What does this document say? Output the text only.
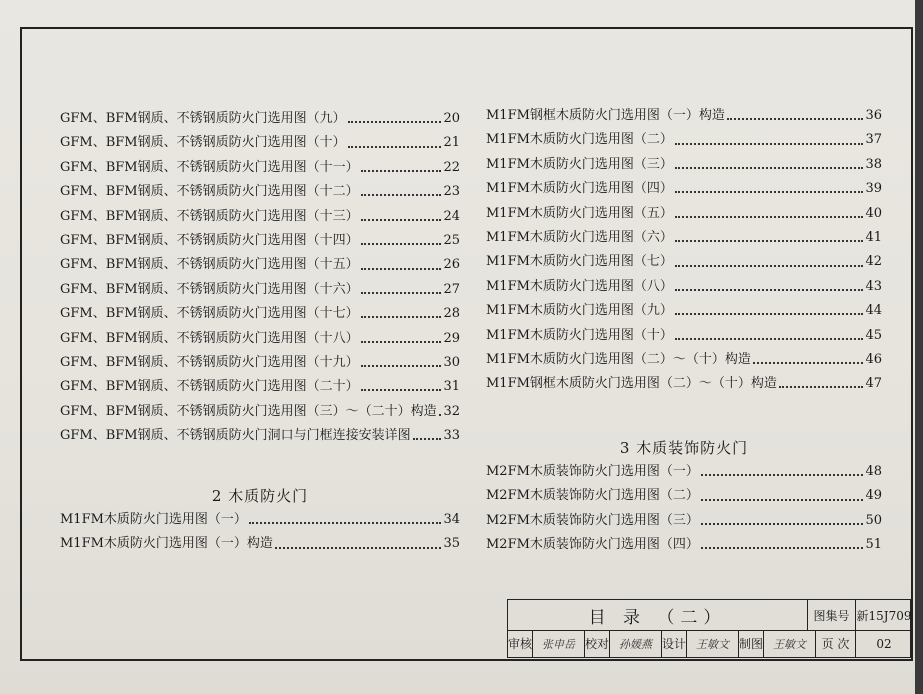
GFM、BFM钢质、不锈钢质防火门选用图（九）	20
GFM、BFM钢质、不锈钢质防火门选用图（十）	21
GFM、BFM钢质、不锈钢质防火门选用图（十一）	22
GFM、BFM钢质、不锈钢质防火门选用图（十二）	23
GFM、BFM钢质、不锈钢质防火门选用图（十三）	24
GFM、BFM钢质、不锈钢质防火门选用图（十四）	25
GFM、BFM钢质、不锈钢质防火门选用图（十五）	26
GFM、BFM钢质、不锈钢质防火门选用图（十六）	27
GFM、BFM钢质、不锈钢质防火门选用图（十七）	28
GFM、BFM钢质、不锈钢质防火门选用图（十八）	29
GFM、BFM钢质、不锈钢质防火门选用图（十九）	30
GFM、BFM钢质、不锈钢质防火门选用图（二十）	31
GFM、BFM钢质、不锈钢质防火门选用图（三）～（二十）构造 32
GFM、BFM钢质、不锈钢质防火门洞口与门框连接安装详图	33
2 木质防火门
M1FM木质防火门选用图（一）	34
M1FM木质防火门选用图（一）构造	35
M1FM钢框木质防火门选用图（一）构造	36
M1FM木质防火门选用图（二）	37
M1FM木质防火门选用图（三）	38
M1FM木质防火门选用图（四）	39
M1FM木质防火门选用图（五）	40
M1FM木质防火门选用图（六）	41
M1FM木质防火门选用图（七）	42
M1FM木质防火门选用图（八）	43
M1FM木质防火门选用图（九）	44
M1FM木质防火门选用图（十）	45
M1FM木质防火门选用图（二）～（十）构造	46
M1FM钢框木质防火门选用图（二）～（十）构造	47
3 木质装饰防火门
M2FM木质装饰防火门选用图（一）	48
M2FM木质装饰防火门选用图（二）	49
M2FM木质装饰防火门选用图（三）	50
M2FM木质装饰防火门选用图（四）	51
目 录 （二）	图集号 新15J709
审核 张申岳 校对 孙媛燕 设计 王敏文 制图 王敏文	页 次	02
